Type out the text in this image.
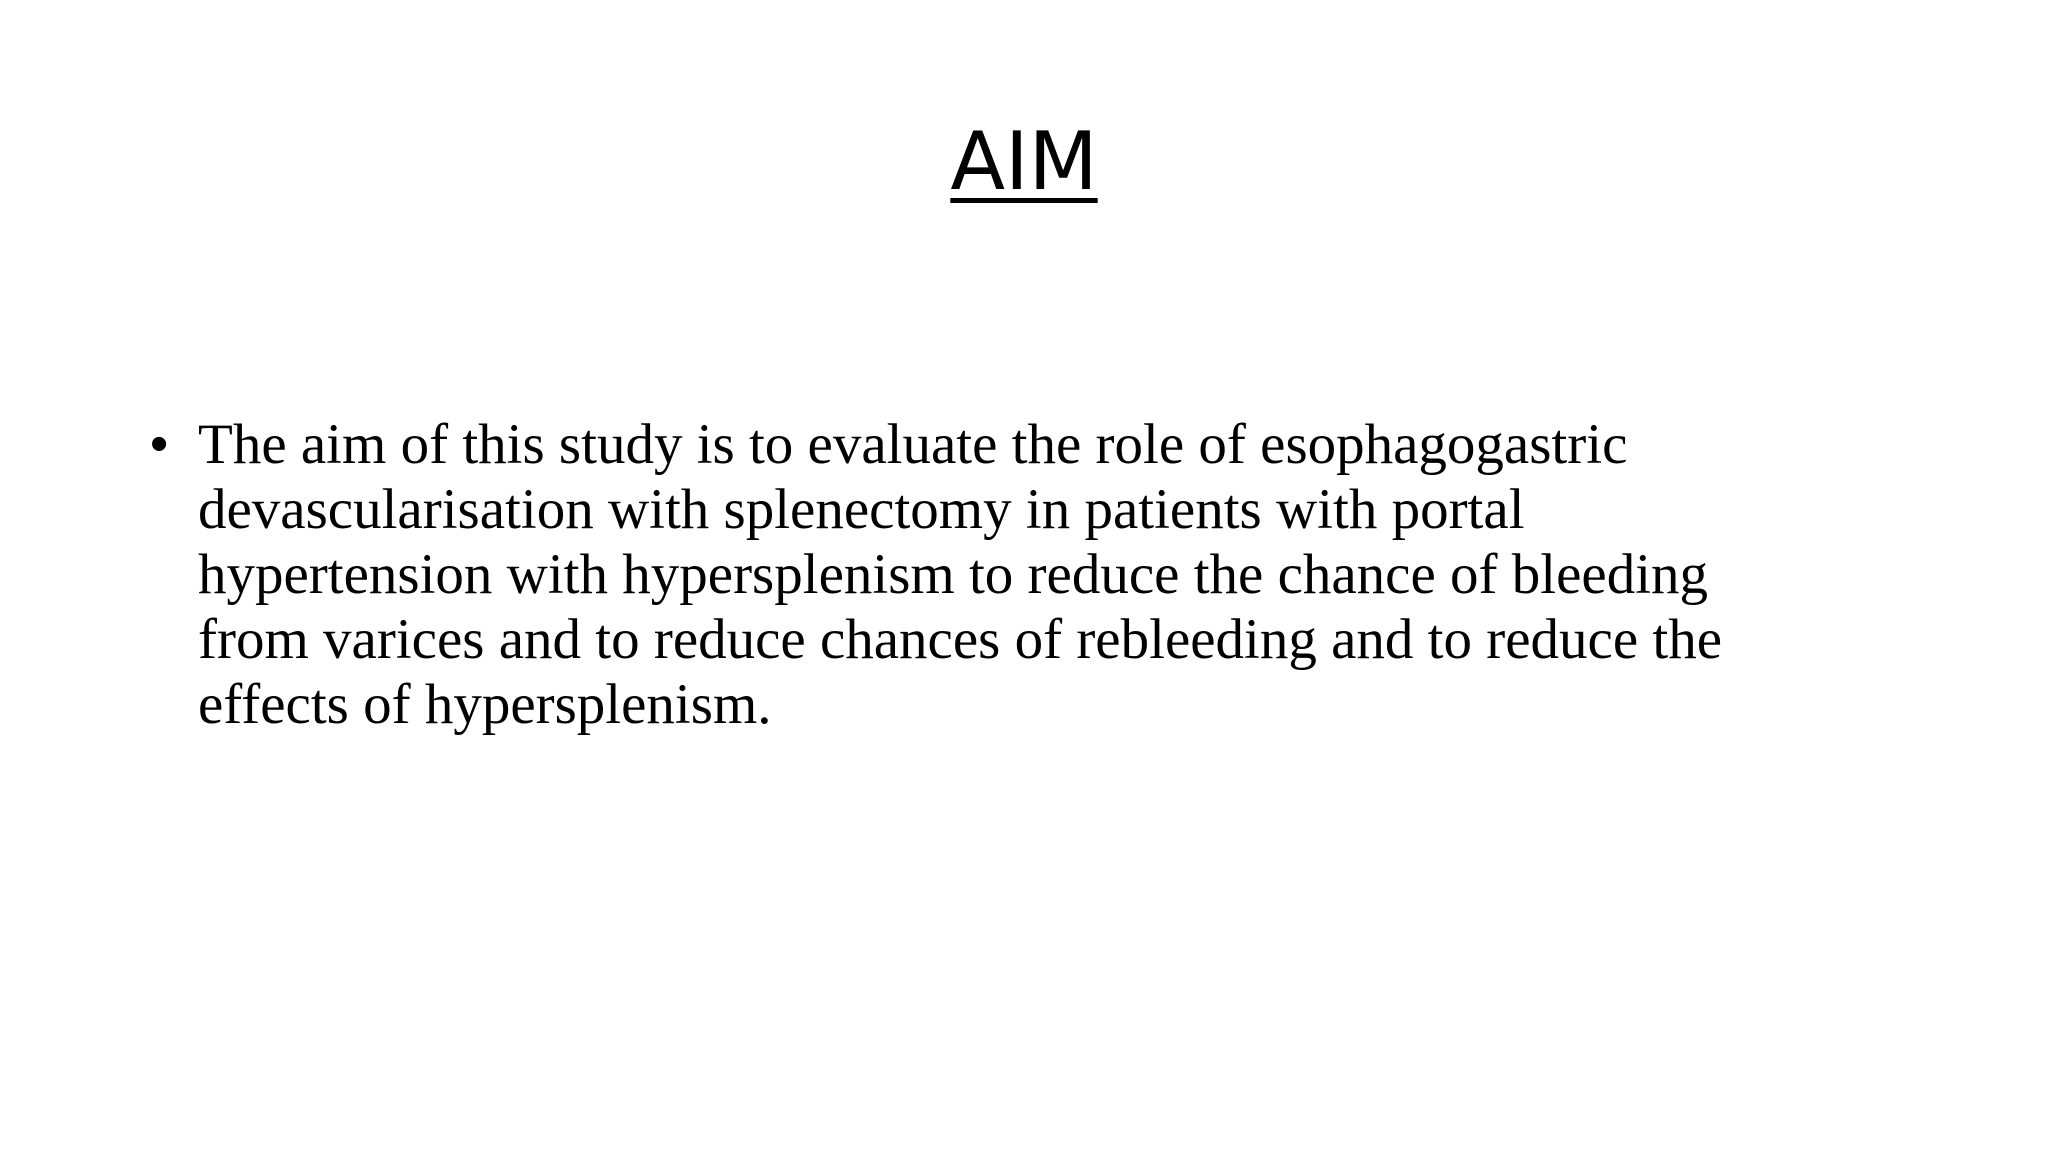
AIM

• The aim of this study is to evaluate the role of esophagogastric devascularisation with splenectomy in patients with portal hypertension with hypersplenism to reduce the chance of bleeding from varices and to reduce chances of rebleeding and to reduce the effects of hypersplenism.
